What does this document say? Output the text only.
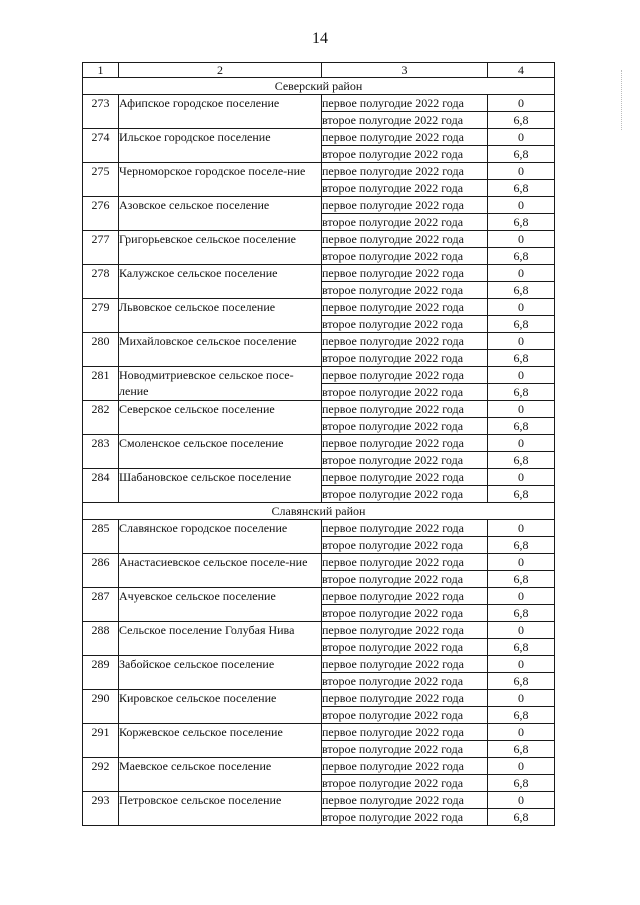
14
1	2	3	4
Северский район			
273	Афипское городское поселение	первое полугодие 2022 года	0
		второе полугодие 2022 года	6,8
274	Ильское городское поселение	первое полугодие 2022 года	0
		второе полугодие 2022 года	6,8
275	Черноморское городское поселе-ние	первое полугодие 2022 года	0
		второе полугодие 2022 года	6,8
276	Азовское сельское поселение	первое полугодие 2022 года	0
		второе полугодие 2022 года	6,8
277	Григорьевское сельское поселение	первое полугодие 2022 года	0
		второе полугодие 2022 года	6,8
278	Калужское сельское поселение	первое полугодие 2022 года	0
		второе полугодие 2022 года	6,8
279	Львовское сельское поселение	первое полугодие 2022 года	0
		второе полугодие 2022 года	6,8
280	Михайловское сельское поселение	первое полугодие 2022 года	0
		второе полугодие 2022 года	6,8
281	Новодмитриевское сельское посе-ление	первое полугодие 2022 года	0
		второе полугодие 2022 года	6,8
282	Северское сельское поселение	первое полугодие 2022 года	0
		второе полугодие 2022 года	6,8
283	Смоленское сельское поселение	первое полугодие 2022 года	0
		второе полугодие 2022 года	6,8
284	Шабановское сельское поселение	первое полугодие 2022 года	0
		второе полугодие 2022 года	6,8
Славянский район			
285	Славянское городское поселение	первое полугодие 2022 года	0
		второе полугодие 2022 года	6,8
286	Анастасиевское сельское поселе-ние	первое полугодие 2022 года	0
		второе полугодие 2022 года	6,8
287	Ачуевское сельское поселение	первое полугодие 2022 года	0
		второе полугодие 2022 года	6,8
288	Сельское поселение Голубая Нива	первое полугодие 2022 года	0
		второе полугодие 2022 года	6,8
289	Забойское сельское поселение	первое полугодие 2022 года	0
		второе полугодие 2022 года	6,8
290	Кировское сельское поселение	первое полугодие 2022 года	0
		второе полугодие 2022 года	6,8
291	Коржевское сельское поселение	первое полугодие 2022 года	0
		второе полугодие 2022 года	6,8
292	Маевское сельское поселение	первое полугодие 2022 года	0
		второе полугодие 2022 года	6,8
293	Петровское сельское поселение	первое полугодие 2022 года	0
		второе полугодие 2022 года	6,8
